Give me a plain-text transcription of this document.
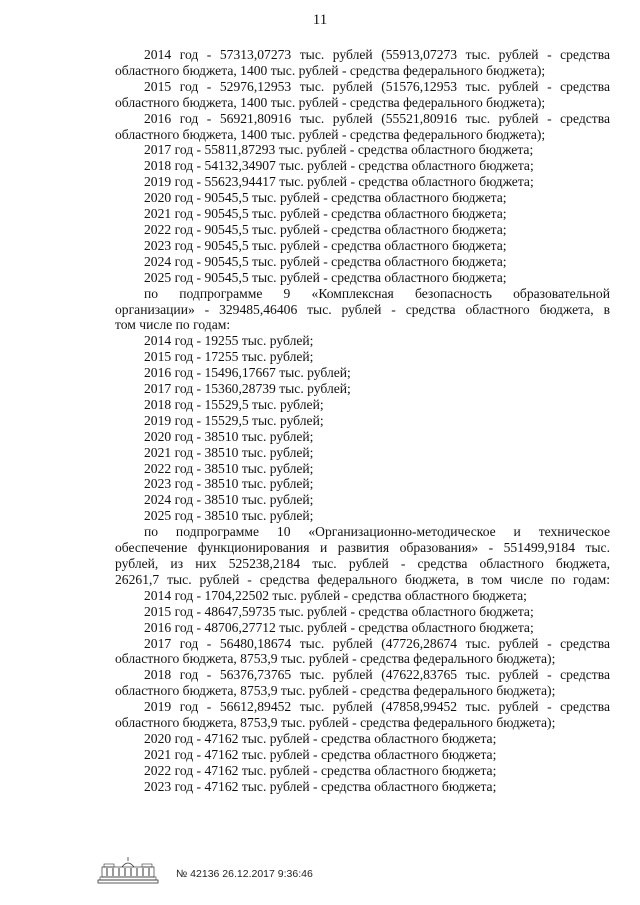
11
2014 год - 57313,07273 тыс. рублей (55913,07273 тыс. рублей - средства
областного бюджета, 1400 тыс. рублей - средства федерального бюджета);
2015 год - 52976,12953 тыс. рублей (51576,12953 тыс. рублей - средства
областного бюджета, 1400 тыс. рублей - средства федерального бюджета);
2016 год - 56921,80916 тыс. рублей (55521,80916 тыс. рублей - средства
областного бюджета, 1400 тыс. рублей - средства федерального бюджета);
2017 год - 55811,87293 тыс. рублей - средства областного бюджета;
2018 год - 54132,34907 тыс. рублей - средства областного бюджета;
2019 год - 55623,94417 тыс. рублей - средства областного бюджета;
2020 год - 90545,5 тыс. рублей - средства областного бюджета;
2021 год - 90545,5 тыс. рублей - средства областного бюджета;
2022 год - 90545,5 тыс. рублей - средства областного бюджета;
2023 год - 90545,5 тыс. рублей - средства областного бюджета;
2024 год - 90545,5 тыс. рублей - средства областного бюджета;
2025 год - 90545,5 тыс. рублей - средства областного бюджета;
по подпрограмме 9 «Комплексная безопасность образовательной
организации» - 329485,46406 тыс. рублей - средства областного бюджета, в
том числе по годам:
2014 год - 19255 тыс. рублей;
2015 год - 17255 тыс. рублей;
2016 год - 15496,17667 тыс. рублей;
2017 год - 15360,28739 тыс. рублей;
2018 год - 15529,5 тыс. рублей;
2019 год - 15529,5 тыс. рублей;
2020 год - 38510 тыс. рублей;
2021 год - 38510 тыс. рублей;
2022 год - 38510 тыс. рублей;
2023 год - 38510 тыс. рублей;
2024 год - 38510 тыс. рублей;
2025 год - 38510 тыс. рублей;
по подпрограмме 10 «Организационно-методическое и техническое
обеспечение функционирования и развития образования» - 551499,9184 тыс.
рублей, из них 525238,2184 тыс. рублей - средства областного бюджета,
26261,7 тыс. рублей - средства федерального бюджета, в том числе по годам:
2014 год - 1704,22502 тыс. рублей - средства областного бюджета;
2015 год - 48647,59735 тыс. рублей - средства областного бюджета;
2016 год - 48706,27712 тыс. рублей - средства областного бюджета;
2017 год - 56480,18674 тыс. рублей (47726,28674 тыс. рублей - средства
областного бюджета, 8753,9 тыс. рублей - средства федерального бюджета);
2018 год - 56376,73765 тыс. рублей (47622,83765 тыс. рублей - средства
областного бюджета, 8753,9 тыс. рублей - средства федерального бюджета);
2019 год - 56612,89452 тыс. рублей (47858,99452 тыс. рублей - средства
областного бюджета, 8753,9 тыс. рублей - средства федерального бюджета);
2020 год - 47162 тыс. рублей - средства областного бюджета;
2021 год - 47162 тыс. рублей - средства областного бюджета;
2022 год - 47162 тыс. рублей - средства областного бюджета;
2023 год - 47162 тыс. рублей - средства областного бюджета;
№ 42136 26.12.2017 9:36:46
